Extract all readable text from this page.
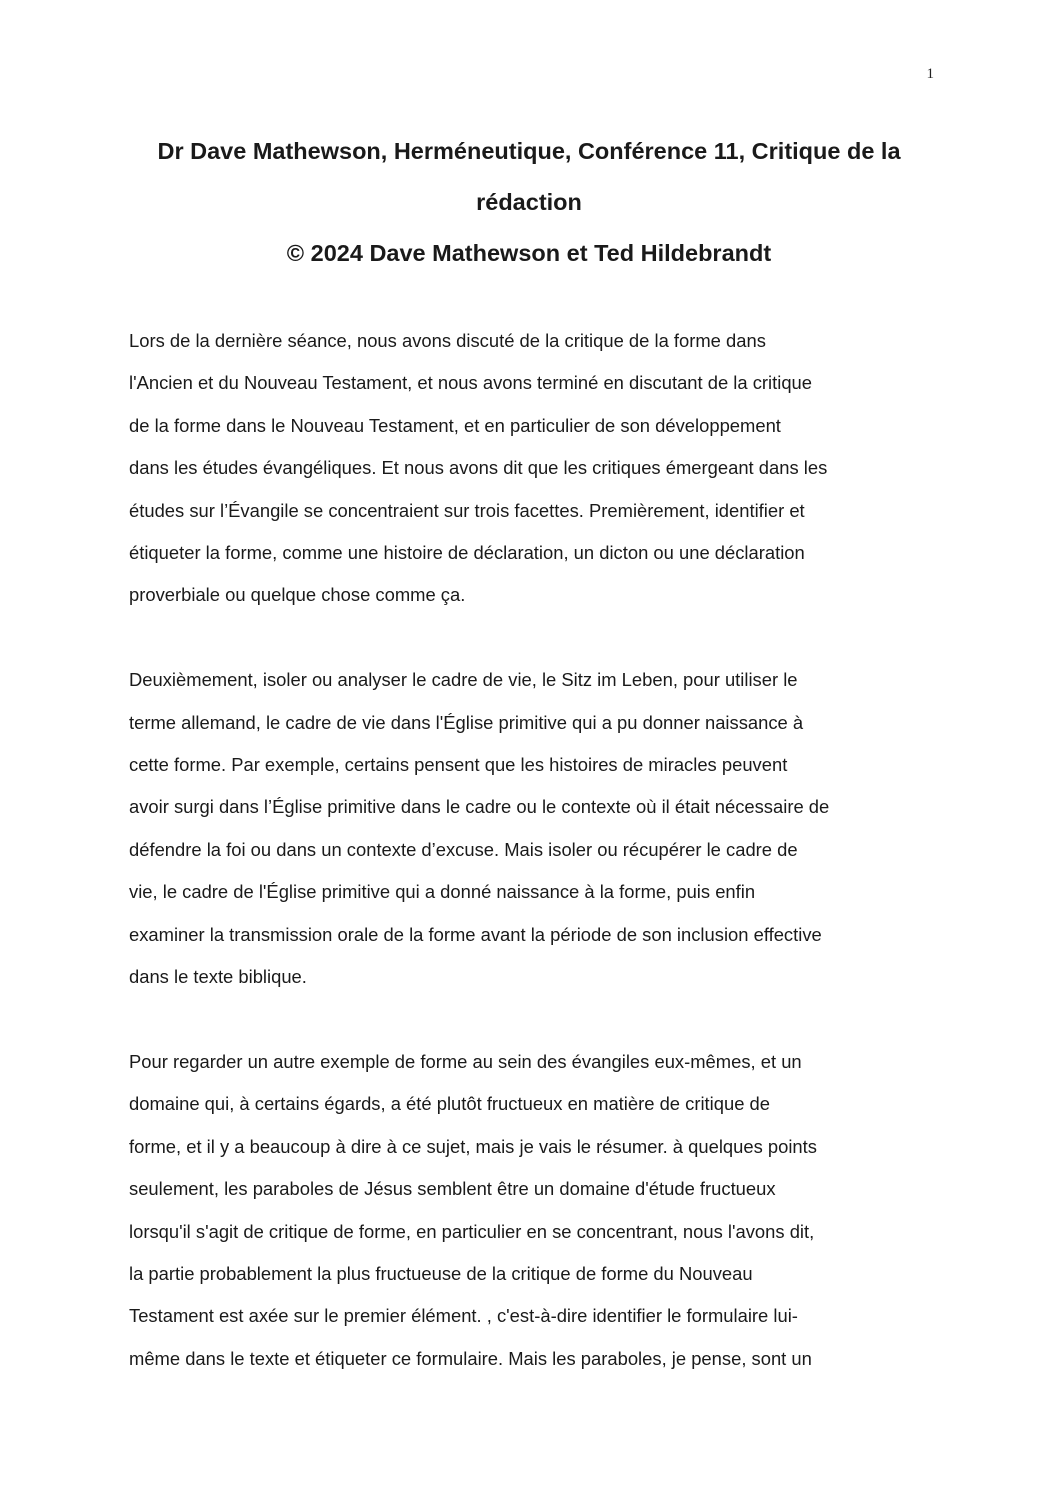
1
Dr Dave Mathewson, Herméneutique, Conférence 11, Critique de la
rédaction
© 2024 Dave Mathewson et Ted Hildebrandt

Lors de la dernière séance, nous avons discuté de la critique de la forme dans
l'Ancien et du Nouveau Testament, et nous avons terminé en discutant de la critique
de la forme dans le Nouveau Testament, et en particulier de son développement
dans les études évangéliques. Et nous avons dit que les critiques émergeant dans les
études sur l’Évangile se concentraient sur trois facettes. Premièrement, identifier et
étiqueter la forme, comme une histoire de déclaration, un dicton ou une déclaration
proverbiale ou quelque chose comme ça.

Deuxièmement, isoler ou analyser le cadre de vie, le Sitz im Leben, pour utiliser le
terme allemand, le cadre de vie dans l'Église primitive qui a pu donner naissance à
cette forme. Par exemple, certains pensent que les histoires de miracles peuvent
avoir surgi dans l’Église primitive dans le cadre ou le contexte où il était nécessaire de
défendre la foi ou dans un contexte d’excuse. Mais isoler ou récupérer le cadre de
vie, le cadre de l'Église primitive qui a donné naissance à la forme, puis enfin
examiner la transmission orale de la forme avant la période de son inclusion effective
dans le texte biblique.

Pour regarder un autre exemple de forme au sein des évangiles eux-mêmes, et un
domaine qui, à certains égards, a été plutôt fructueux en matière de critique de
forme, et il y a beaucoup à dire à ce sujet, mais je vais le résumer. à quelques points
seulement, les paraboles de Jésus semblent être un domaine d'étude fructueux
lorsqu'il s'agit de critique de forme, en particulier en se concentrant, nous l'avons dit,
la partie probablement la plus fructueuse de la critique de forme du Nouveau
Testament est axée sur le premier élément. , c'est-à-dire identifier le formulaire lui-
même dans le texte et étiqueter ce formulaire. Mais les paraboles, je pense, sont un
